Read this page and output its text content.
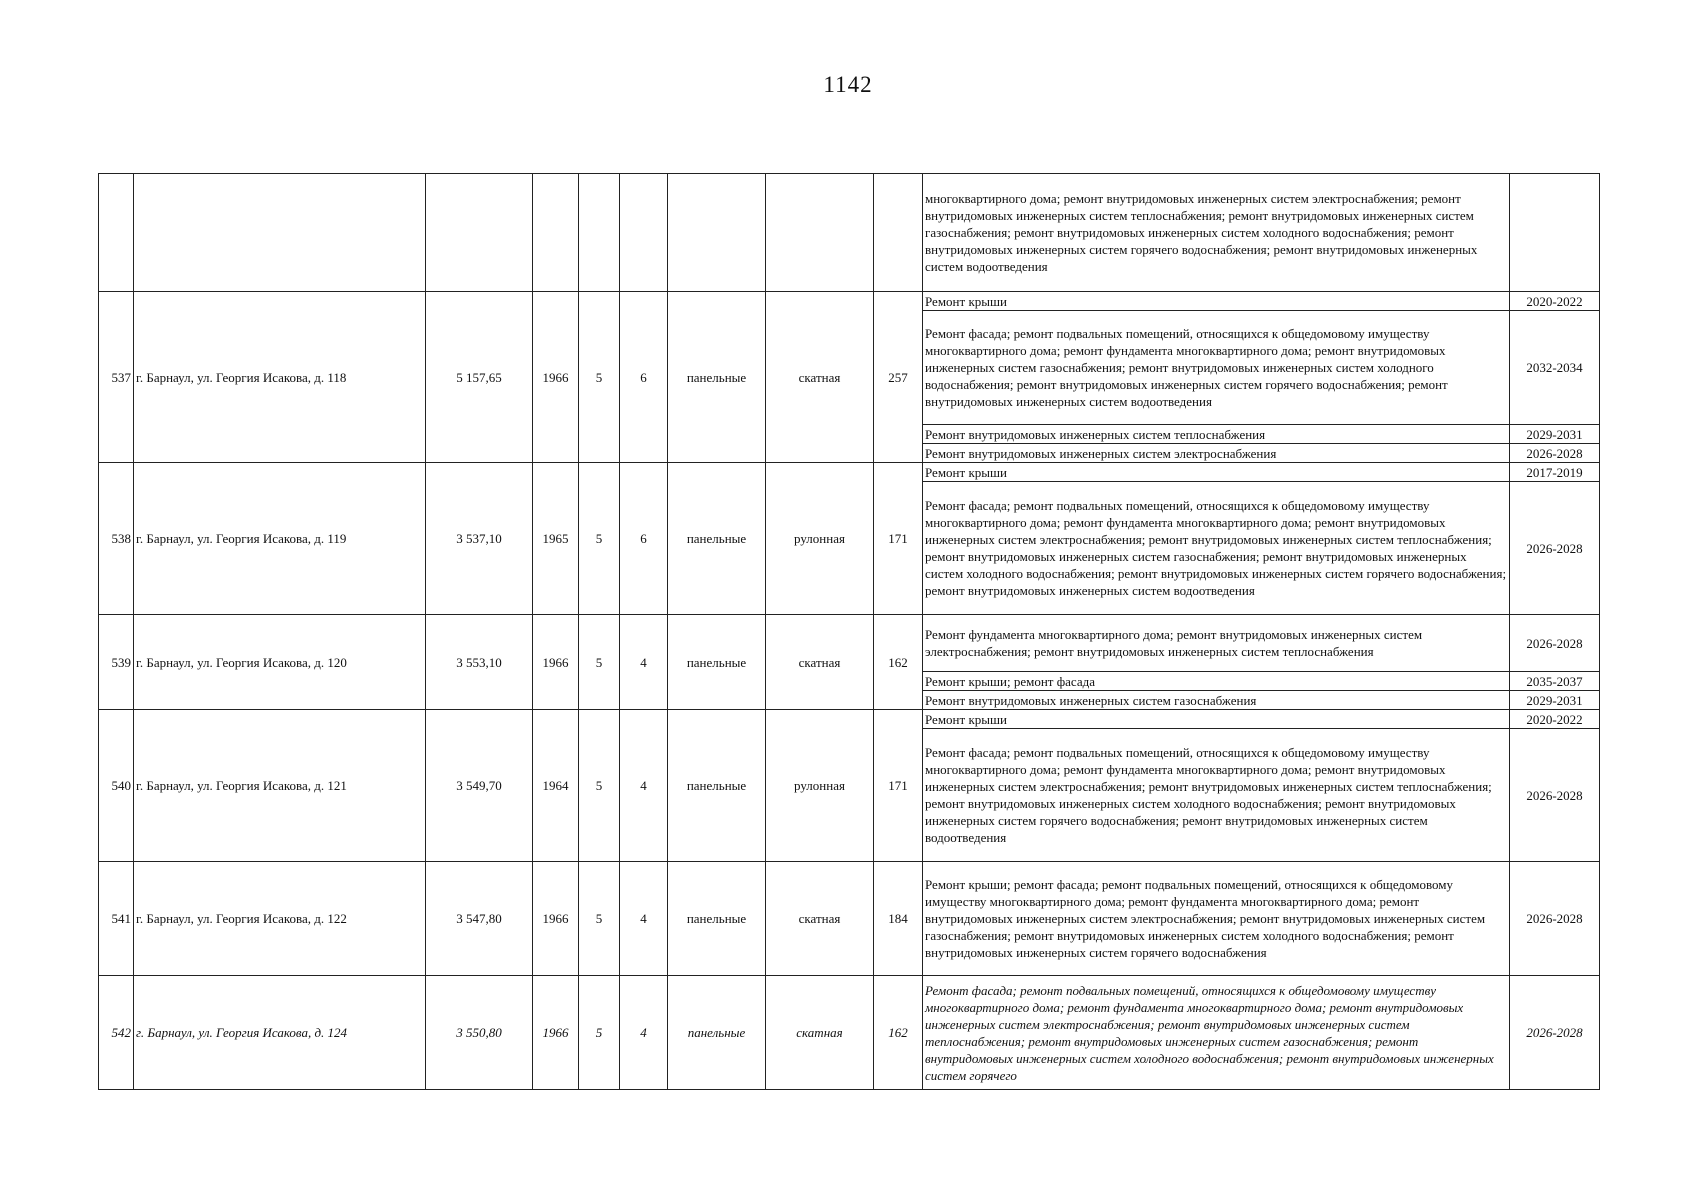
1142
									многоквартирного дома; ремонт внутридомовых инженерных систем электроснабжения; ремонт внутридомовых инженерных систем теплоснабжения; ремонт внутридомовых инженерных систем газоснабжения; ремонт внутридомовых инженерных систем холодного водоснабжения; ремонт внутридомовых инженерных систем горячего водоснабжения; ремонт внутридомовых инженерных систем водоотведения	
537	г. Барнаул, ул. Георгия Исакова, д. 118	5 157,65	1966	5	6	панельные	скатная	257	Ремонт крыши	2020-2022
									Ремонт фасада; ремонт подвальных помещений, относящихся к общедомовому имуществу многоквартирного дома; ремонт фундамента многоквартирного дома; ремонт внутридомовых инженерных систем газоснабжения; ремонт внутридомовых инженерных систем холодного водоснабжения; ремонт внутридомовых инженерных систем горячего водоснабжения; ремонт внутридомовых инженерных систем водоотведения	2032-2034
									Ремонт внутридомовых инженерных систем теплоснабжения	2029-2031
									Ремонт внутридомовых инженерных систем электроснабжения	2026-2028
538	г. Барнаул, ул. Георгия Исакова, д. 119	3 537,10	1965	5	6	панельные	рулонная	171	Ремонт крыши	2017-2019
									Ремонт фасада; ремонт подвальных помещений, относящихся к общедомовому имуществу многоквартирного дома; ремонт фундамента многоквартирного дома; ремонт внутридомовых инженерных систем электроснабжения; ремонт внутридомовых инженерных систем теплоснабжения; ремонт внутридомовых инженерных систем газоснабжения; ремонт внутридомовых инженерных систем холодного водоснабжения; ремонт внутридомовых инженерных систем горячего водоснабжения; ремонт внутридомовых инженерных систем водоотведения	2026-2028
539	г. Барнаул, ул. Георгия Исакова, д. 120	3 553,10	1966	5	4	панельные	скатная	162	Ремонт фундамента многоквартирного дома; ремонт внутридомовых инженерных систем электроснабжения; ремонт внутридомовых инженерных систем теплоснабжения	2026-2028
									Ремонт крыши; ремонт фасада	2035-2037
									Ремонт внутридомовых инженерных систем газоснабжения	2029-2031
540	г. Барнаул, ул. Георгия Исакова, д. 121	3 549,70	1964	5	4	панельные	рулонная	171	Ремонт крыши	2020-2022
									Ремонт фасада; ремонт подвальных помещений, относящихся к общедомовому имуществу многоквартирного дома; ремонт фундамента многоквартирного дома; ремонт внутридомовых инженерных систем электроснабжения; ремонт внутридомовых инженерных систем теплоснабжения; ремонт внутридомовых инженерных систем холодного водоснабжения; ремонт внутридомовых инженерных систем горячего водоснабжения; ремонт внутридомовых инженерных систем водоотведения	2026-2028
541	г. Барнаул, ул. Георгия Исакова, д. 122	3 547,80	1966	5	4	панельные	скатная	184	Ремонт крыши; ремонт фасада; ремонт подвальных помещений, относящихся к общедомовому имуществу многоквартирного дома; ремонт фундамента многоквартирного дома; ремонт внутридомовых инженерных систем электроснабжения; ремонт внутридомовых инженерных систем газоснабжения; ремонт внутридомовых инженерных систем холодного водоснабжения; ремонт внутридомовых инженерных систем горячего водоснабжения	2026-2028
542	г. Барнаул, ул. Георгия Исакова, д. 124	3 550,80	1966	5	4	панельные	скатная	162	Ремонт фасада; ремонт подвальных помещений, относящихся к общедомовому имуществу многоквартирного дома; ремонт фундамента многоквартирного дома; ремонт внутридомовых инженерных систем электроснабжения; ремонт внутридомовых инженерных систем теплоснабжения; ремонт внутридомовых инженерных систем газоснабжения; ремонт внутридомовых инженерных систем холодного водоснабжения; ремонт внутридомовых инженерных систем горячего	2026-2028
